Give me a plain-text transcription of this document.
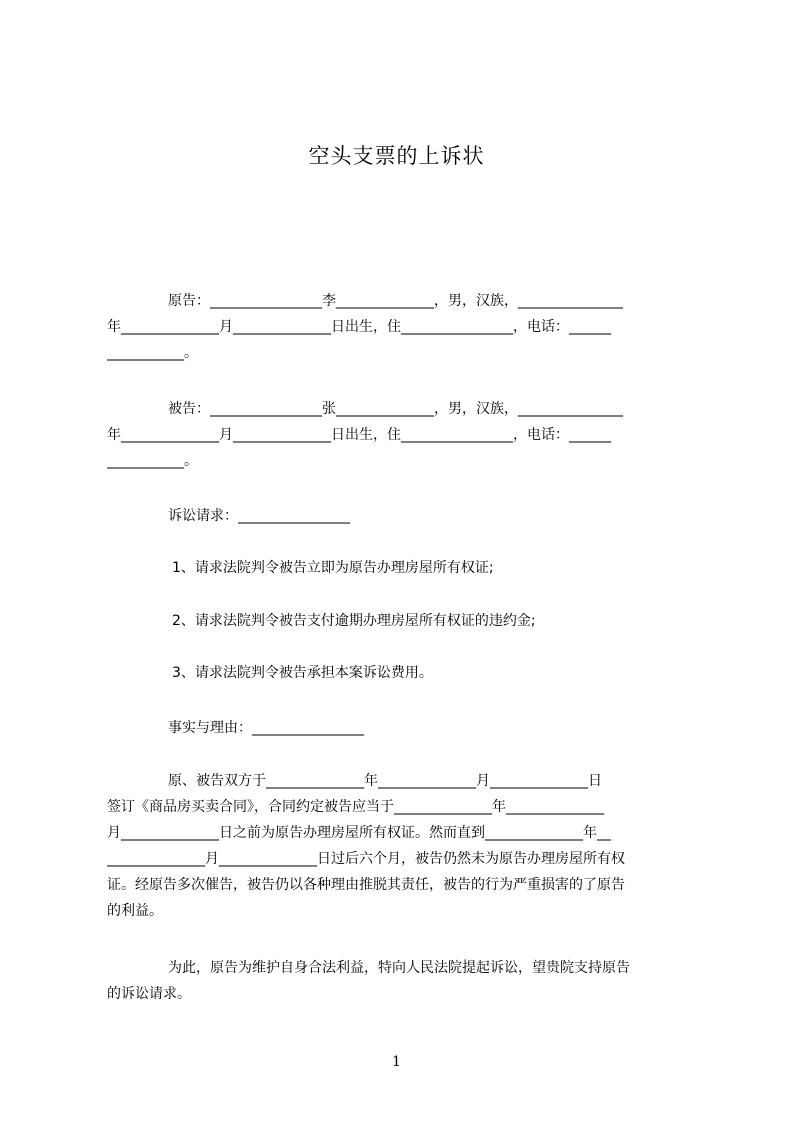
空头支票的上诉状
原告：________________李______________，男，汉族，_______________
年______________月______________日出生，住________________，电话：______
___________。
被告：________________张______________，男，汉族，_______________
年______________月______________日出生，住________________，电话：______
___________。
诉讼请求：________________
1、请求法院判令被告立即为原告办理房屋所有权证;
2、请求法院判令被告支付逾期办理房屋所有权证的违约金;
3、请求法院判令被告承担本案诉讼费用。
事实与理由：________________
原、被告双方于______________年______________月______________日
签订《商品房买卖合同》，合同约定被告应当于______________年______________
月______________日之前为原告办理房屋所有权证。然而直到______________年__
______________月______________日过后六个月，被告仍然未为原告办理房屋所有权
证。经原告多次催告，被告仍以各种理由推脱其责任，被告的行为严重损害的了原告
的利益。
为此，原告为维护自身合法利益，特向人民法院提起诉讼，望贵院支持原告
的诉讼请求。
1
